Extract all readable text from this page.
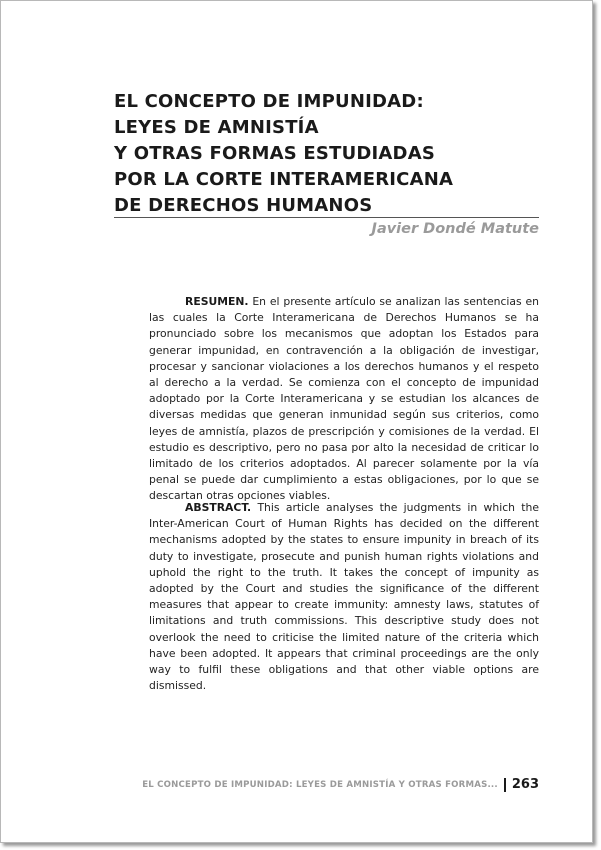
EL CONCEPTO DE IMPUNIDAD:
LEYES DE AMNISTÍA
Y OTRAS FORMAS ESTUDIADAS
POR LA CORTE INTERAMERICANA
DE DERECHOS HUMANOS

Javier Dondé Matute

RESUMEN. En el presente artículo se analizan las sentencias en las cuales la Corte Interamericana de Derechos Humanos se ha pronunciado sobre los mecanismos que adoptan los Estados para generar impunidad, en contravención a la obligación de investigar, procesar y sancionar violaciones a los derechos humanos y el respeto al derecho a la verdad. Se comienza con el concepto de impunidad adoptado por la Corte Interamericana y se estudian los alcances de diversas medidas que generan inmunidad según sus criterios, como leyes de amnistía, plazos de prescripción y comisiones de la verdad. El estudio es descriptivo, pero no pasa por alto la necesidad de criticar lo limitado de los criterios adoptados. Al parecer solamente por la vía penal se puede dar cumplimiento a estas obligaciones, por lo que se descartan otras opciones viables.

ABSTRACT. This article analyses the judgments in which the Inter-American Court of Human Rights has decided on the different mechanisms adopted by the states to ensure impunity in breach of its duty to investigate, prosecute and punish human rights violations and uphold the right to the truth. It takes the concept of impunity as adopted by the Court and studies the significance of the different measures that appear to create immunity: amnesty laws, statutes of limitations and truth commissions. This descriptive study does not overlook the need to criticise the limited nature of the criteria which have been adopted. It appears that criminal proceedings are the only way to fulfil these obligations and that other viable options are dismissed.

EL CONCEPTO DE IMPUNIDAD: LEYES DE AMNISTÍA Y OTRAS FORMAS... 263
